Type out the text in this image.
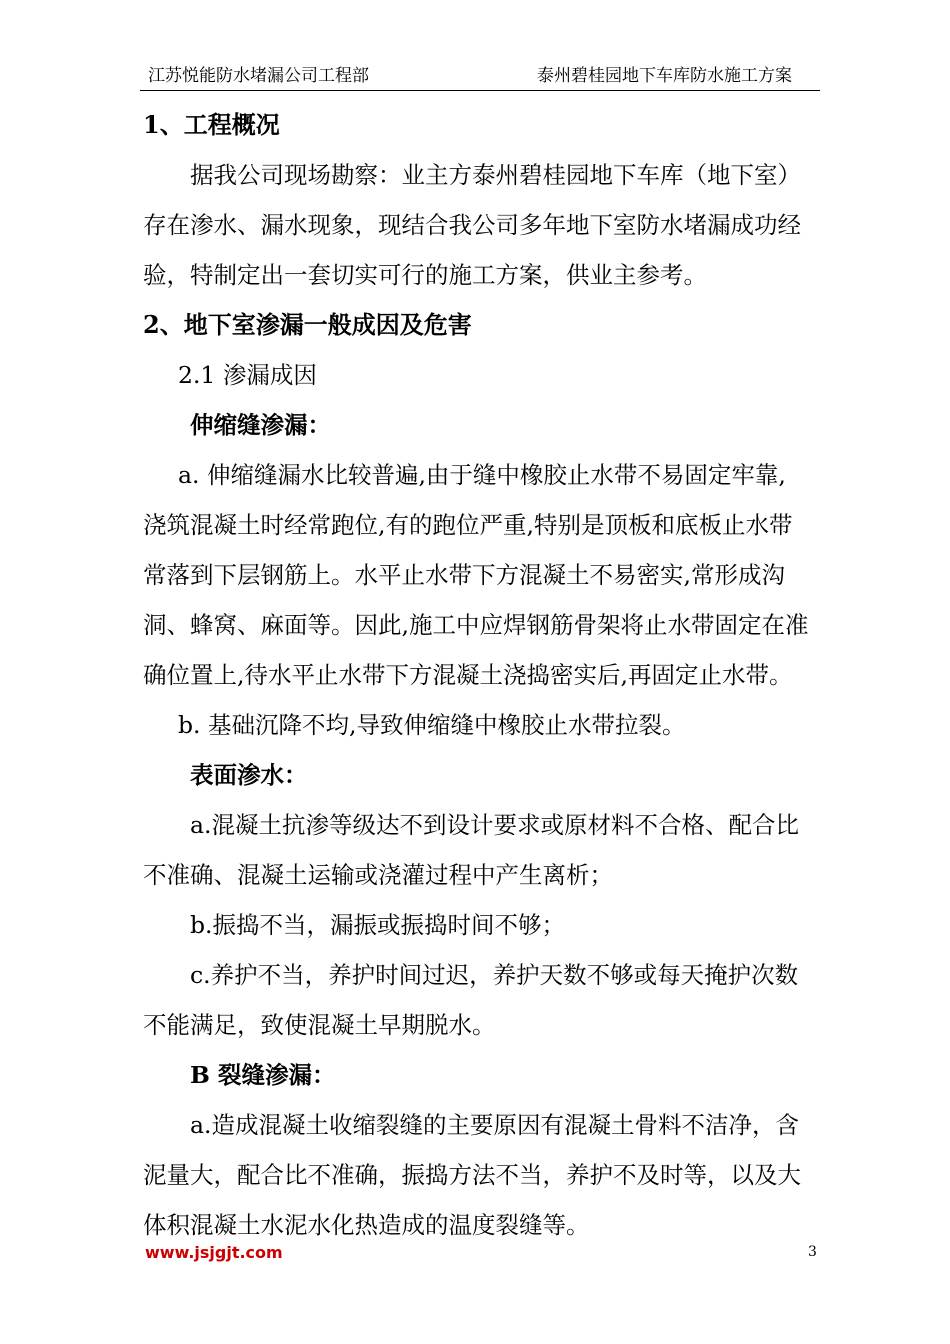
江苏悦能防水堵漏公司工程部	泰州碧桂园地下车库防水施工方案
1、工程概况
据我公司现场勘察：业主方泰州碧桂园地下车库（地下室）
存在渗水、漏水现象，现结合我公司多年地下室防水堵漏成功经
验，特制定出一套切实可行的施工方案，供业主参考。
2、地下室渗漏一般成因及危害
2.1 渗漏成因
伸缩缝渗漏：
a. 伸缩缝漏水比较普遍,由于缝中橡胶止水带不易固定牢靠,
浇筑混凝土时经常跑位,有的跑位严重,特别是顶板和底板止水带
常落到下层钢筋上。水平止水带下方混凝土不易密实,常形成沟
洞、蜂窝、麻面等。因此,施工中应焊钢筋骨架将止水带固定在准
确位置上,待水平止水带下方混凝土浇捣密实后,再固定止水带。
b. 基础沉降不均,导致伸缩缝中橡胶止水带拉裂。
表面渗水：
a.混凝土抗渗等级达不到设计要求或原材料不合格、配合比
不准确、混凝土运输或浇灌过程中产生离析；
b.振捣不当，漏振或振捣时间不够；
c.养护不当，养护时间过迟，养护天数不够或每天掩护次数
不能满足，致使混凝土早期脱水。
B 裂缝渗漏：
a.造成混凝土收缩裂缝的主要原因有混凝土骨料不洁净，含
泥量大，配合比不准确，振捣方法不当，养护不及时等，以及大
体积混凝土水泥水化热造成的温度裂缝等。
www.jsjgjt.com	3
